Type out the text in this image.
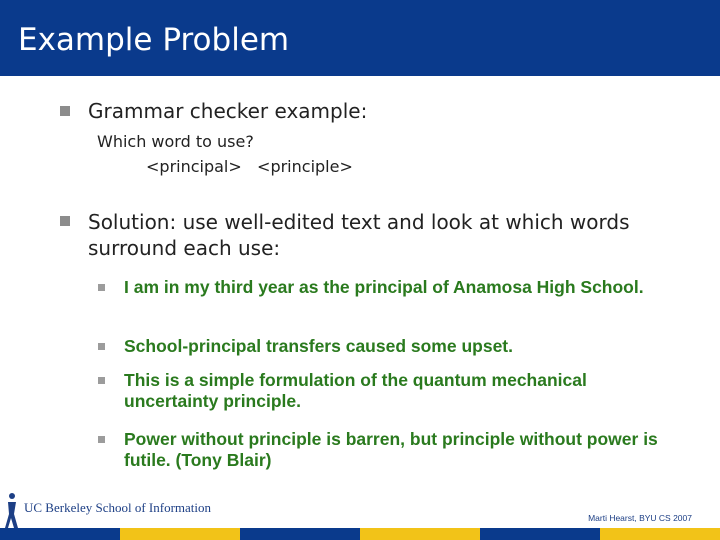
Example Problem
Grammar checker example:
Which word to use?
<principal>   <principle>
Solution: use well-edited text and look at which words surround each use:
I am in my third year as the principal of Anamosa High School.
School-principal transfers caused some upset.
This is a simple formulation of the quantum mechanical uncertainty principle.
Power without principle is barren, but principle without power is futile. (Tony Blair)
UC Berkeley School of Information
Marti Hearst, BYU CS 2007
